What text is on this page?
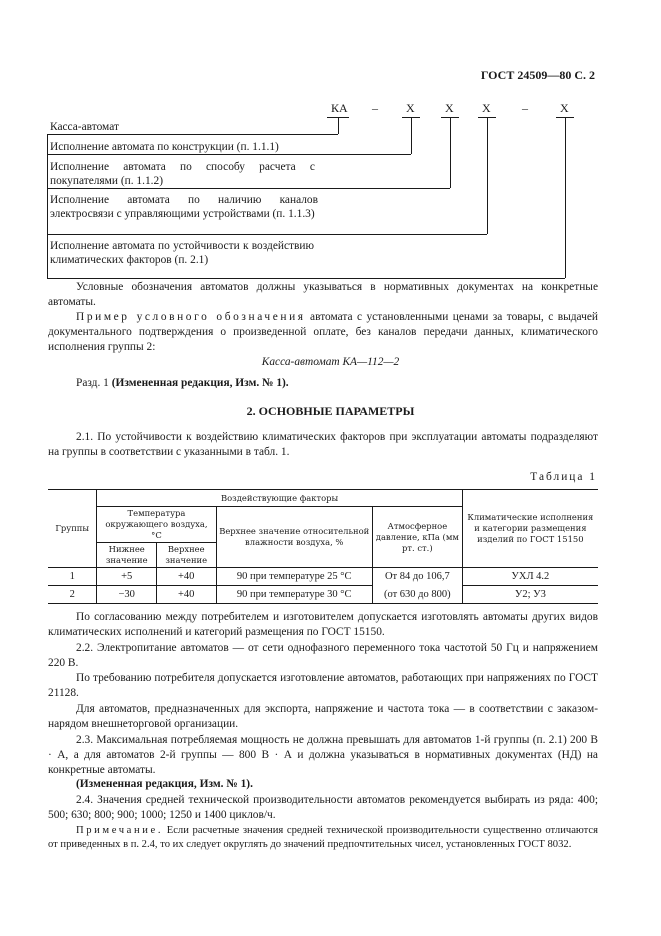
ГОСТ 24509—80 С. 2
КА – Х	Х Х	–	Х
Касса-автомат
Исполнение автомата по конструкции (п. 1.1.1)
Исполнение автомата по способу расчета с покупателями (п. 1.1.2)
Исполнение автомата по наличию каналов электросвязи с управляющими устройствами (п. 1.1.3)
Исполнение автомата по устойчивости к воздействию климатических факторов (п. 2.1)
Условные обозначения автоматов должны указываться в нормативных документах на конкретные автоматы.
Пример условного обозначения автомата с установленными ценами за товары, с выдачей документального подтверждения о произведенной оплате, без каналов передачи данных, климатического исполнения группы 2:
Касса-автомат КА—112—2
Разд. 1 (Измененная редакция, Изм. № 1).
2. ОСНОВНЫЕ ПАРАМЕТРЫ
2.1. По устойчивости к воздействию климатических факторов при эксплуатации автоматы подразделяют на группы в соответствии с указанными в табл. 1.
Таблица 1
Группы	Воздействующие факторы				Климатические исполнения и категории размещения изделий по ГОСТ 15150
	Температура окружающего воздуха, °С		Верхнее значение относительной влажности воздуха, %	Атмосферное давление, кПа (мм рт. ст.)	
	Нижнее значение	Верхнее значение			
1	+5	+40	90 при температуре 25 °С	От 84 до 106,7	УХЛ 4.2
2	−30	+40	90 при температуре 30 °С	(от 630 до 800)	У2; У3
По согласованию между потребителем и изготовителем допускается изготовлять автоматы других видов климатических исполнений и категорий размещения по ГОСТ 15150.
2.2. Электропитание автоматов — от сети однофазного переменного тока частотой 50 Гц и напряжением 220 В.
По требованию потребителя допускается изготовление автоматов, работающих при напряжениях по ГОСТ 21128.
Для автоматов, предназначенных для экспорта, напряжение и частота тока — в соответствии с заказом-нарядом внешнеторговой организации.
2.3. Максимальная потребляемая мощность не должна превышать для автоматов 1-й группы (п. 2.1) 200 В · А, а для автоматов 2-й группы — 800 В · А и должна указываться в нормативных документах (НД) на конкретные автоматы.
(Измененная редакция, Изм. № 1).
2.4. Значения средней технической производительности автоматов рекомендуется выбирать из ряда: 400; 500; 630; 800; 900; 1000; 1250 и 1400 циклов/ч.
Примечание. Если расчетные значения средней технической производительности существенно отличаются от приведенных в п. 2.4, то их следует округлять до значений предпочтительных чисел, установленных ГОСТ 8032.
